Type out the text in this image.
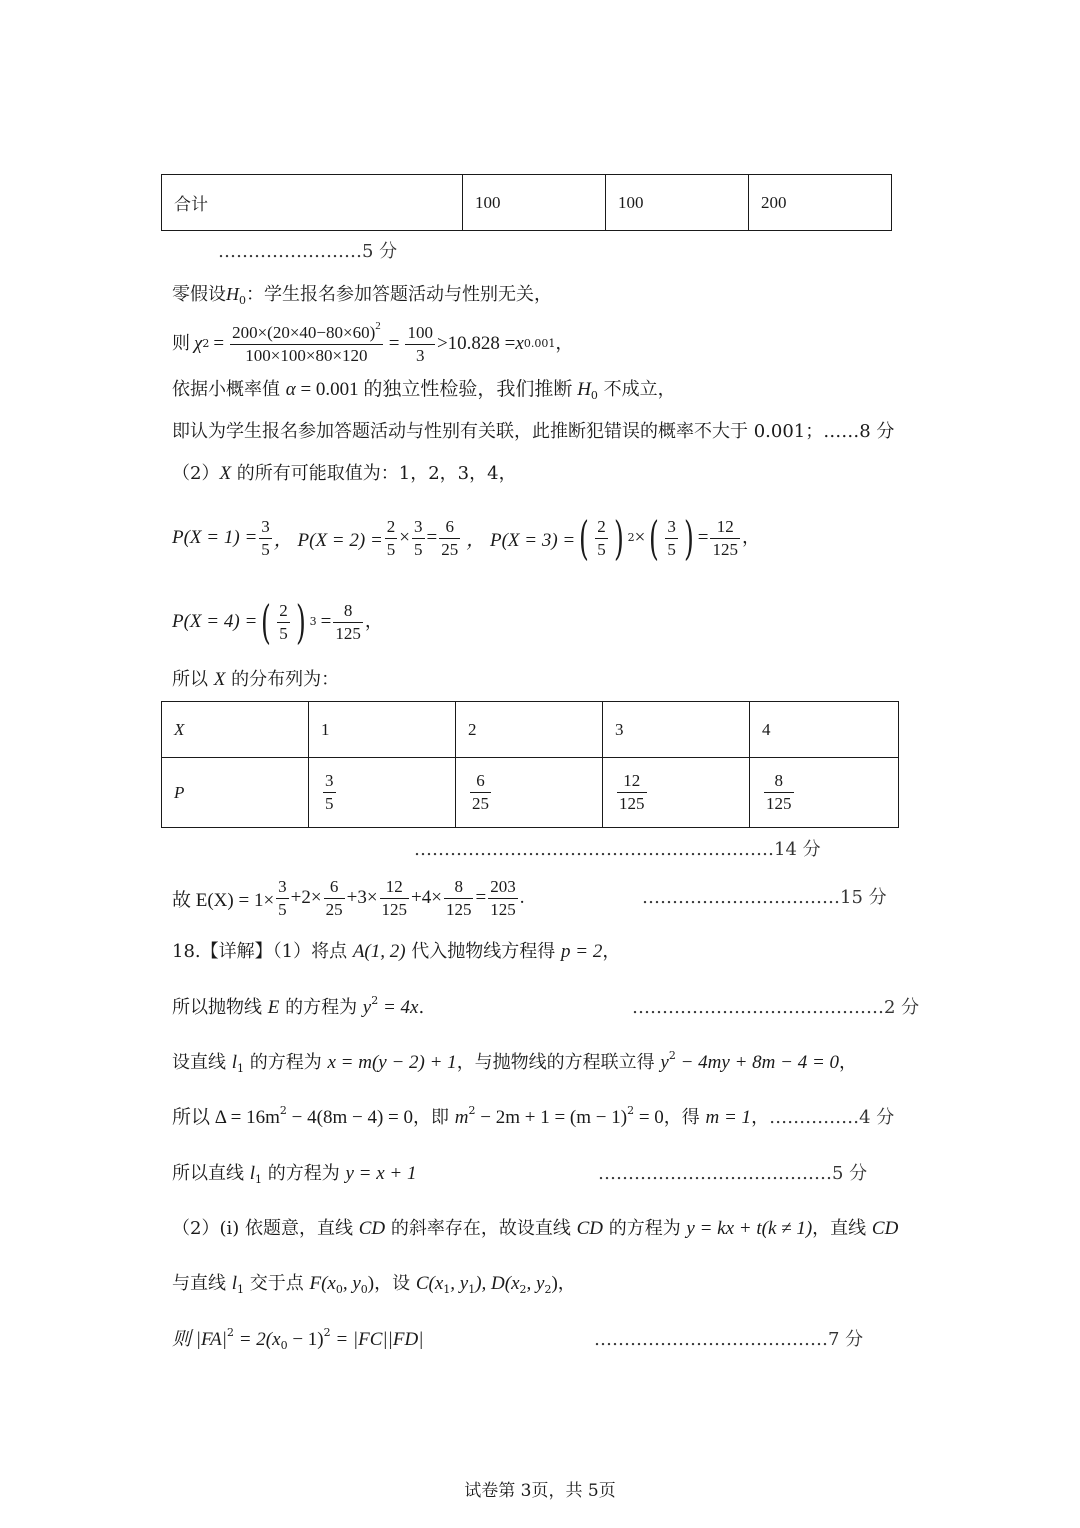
合计	100	100	200
……………………5 分
零假设$H_0$：学生报名参加答题活动与性别无关，
则 χ $2 = \frac{200\times(20\times 40-80\times 60)^2}{100\times 100\times 80\times 120} = \frac{100}{3} >10.828 = x$ 0.001 ，
依据小概率值 α = 0.001 的独立性检验，我们推断 $H_0$ 不成立，
即认为学生报名参加答题活动与性别有关联，此推断犯错误的概率不大于 0.001；……8 分
（2）X 的所有可能取值为：1，2，3，4，
$P(X = 1) = \frac{3}{5}$ ， $P(X = 2) = \frac{2}{5} \times \frac{3}{5} = \frac{6}{25}$ ， P(X = 3) = ( $\frac{2}{5}$ ) 2 × ( $\frac{3}{5}$ ) = $\frac{12}{125}$ ，
P(X = 4) = ( $\frac{2}{5}$ ) $3 = \frac{8}{125}$ ，
所以 X 的分布列为：
X	1	2	3	4
P	$\frac{3}{5}$	$\frac{6}{25}$	$\frac{12}{125}$	$\frac{8}{125}$
……………………………………………………14 分
故 $E(X) = 1\times \frac{3}{5} +2\times \frac{6}{25} +3\times \frac{12}{125} +4\times \frac{8}{125} = \frac{203}{125}$ .	……………………………15 分
18.【详解】（1）将点 A(1, 2) 代入抛物线方程得 p = 2，
所以抛物线 E 的方程为 $y^2 = 4x$.	……………………………………2 分
设直线 $l_1$ 的方程为 x = m(y − 2) + 1，与抛物线的方程联立得 $y^2 - 4my + 8m - 4 = 0$，
所以 $\Delta = 16m^2 - 4(8m - 4) = 0$，即 $m^2 - 2m + 1 = (m - 1)^2 = 0$，得 m = 1，……………4 分
所以直线 $l_1$ 的方程为 y = x + 1	…………………………………5 分
（2）(i) 依题意，直线 CD 的斜率存在，故设直线 CD 的方程为 y = kx + t(k ≠ 1)，直线 CD
与直线 $l_1$ 交于点 $F(x_0$, $y_0$)，设 $C(x_1$, $y_1$), $D(x_2$, $y_2$)，
则 $|FA|^2 = 2(x_0 - 1)^2 = |FC||FD|$	…………………………………7 分
试卷第 3页，共 5页
